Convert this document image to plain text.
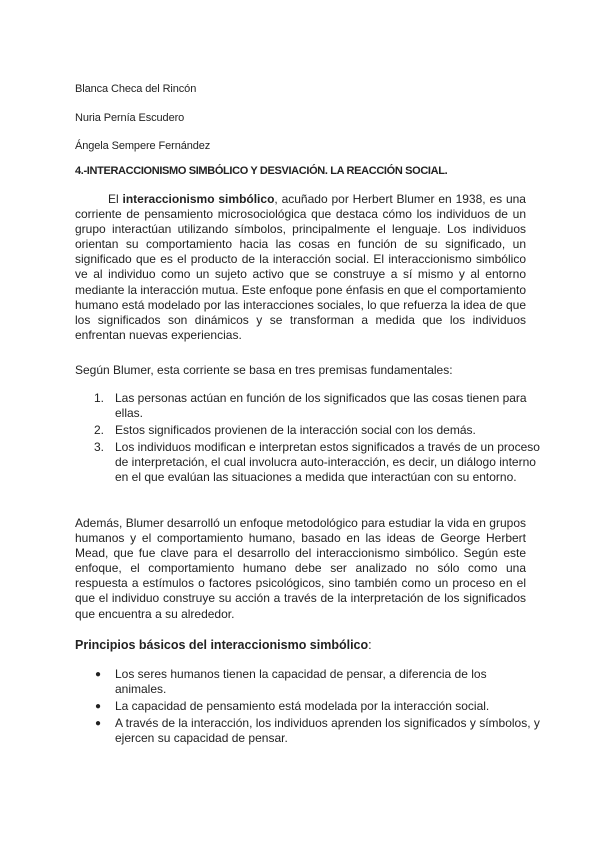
Blanca Checa del Rincón
Nuria Pernía Escudero
Ángela Sempere Fernández
4.-INTERACCIONISMO SIMBÓLICO Y DESVIACIÓN. LA REACCIÓN SOCIAL.

El interaccionismo simbólico, acuñado por Herbert Blumer en 1938, es una corriente de pensamiento microsociológica que destaca cómo los individuos de un grupo interactúan utilizando símbolos, principalmente el lenguaje. Los individuos orientan su comportamiento hacia las cosas en función de su significado, un significado que es el producto de la interacción social. El interaccionismo simbólico ve al individuo como un sujeto activo que se construye a sí mismo y al entorno mediante la interacción mutua. Este enfoque pone énfasis en que el comportamiento humano está modelado por las interacciones sociales, lo que refuerza la idea de que los significados son dinámicos y se transforman a medida que los individuos enfrentan nuevas experiencias.

Según Blumer, esta corriente se basa en tres premisas fundamentales:
1. Las personas actúan en función de los significados que las cosas tienen para ellas.
2. Estos significados provienen de la interacción social con los demás.
3. Los individuos modifican e interpretan estos significados a través de un proceso de interpretación, el cual involucra auto-interacción, es decir, un diálogo interno en el que evalúan las situaciones a medida que interactúan con su entorno.

Además, Blumer desarrolló un enfoque metodológico para estudiar la vida en grupos humanos y el comportamiento humano, basado en las ideas de George Herbert Mead, que fue clave para el desarrollo del interaccionismo simbólico. Según este enfoque, el comportamiento humano debe ser analizado no sólo como una respuesta a estímulos o factores psicológicos, sino también como un proceso en el que el individuo construye su acción a través de la interpretación de los significados que encuentra a su alrededor.

Principios básicos del interaccionismo simbólico:
● Los seres humanos tienen la capacidad de pensar, a diferencia de los animales.
● La capacidad de pensamiento está modelada por la interacción social.
● A través de la interacción, los individuos aprenden los significados y símbolos, y ejercen su capacidad de pensar.
